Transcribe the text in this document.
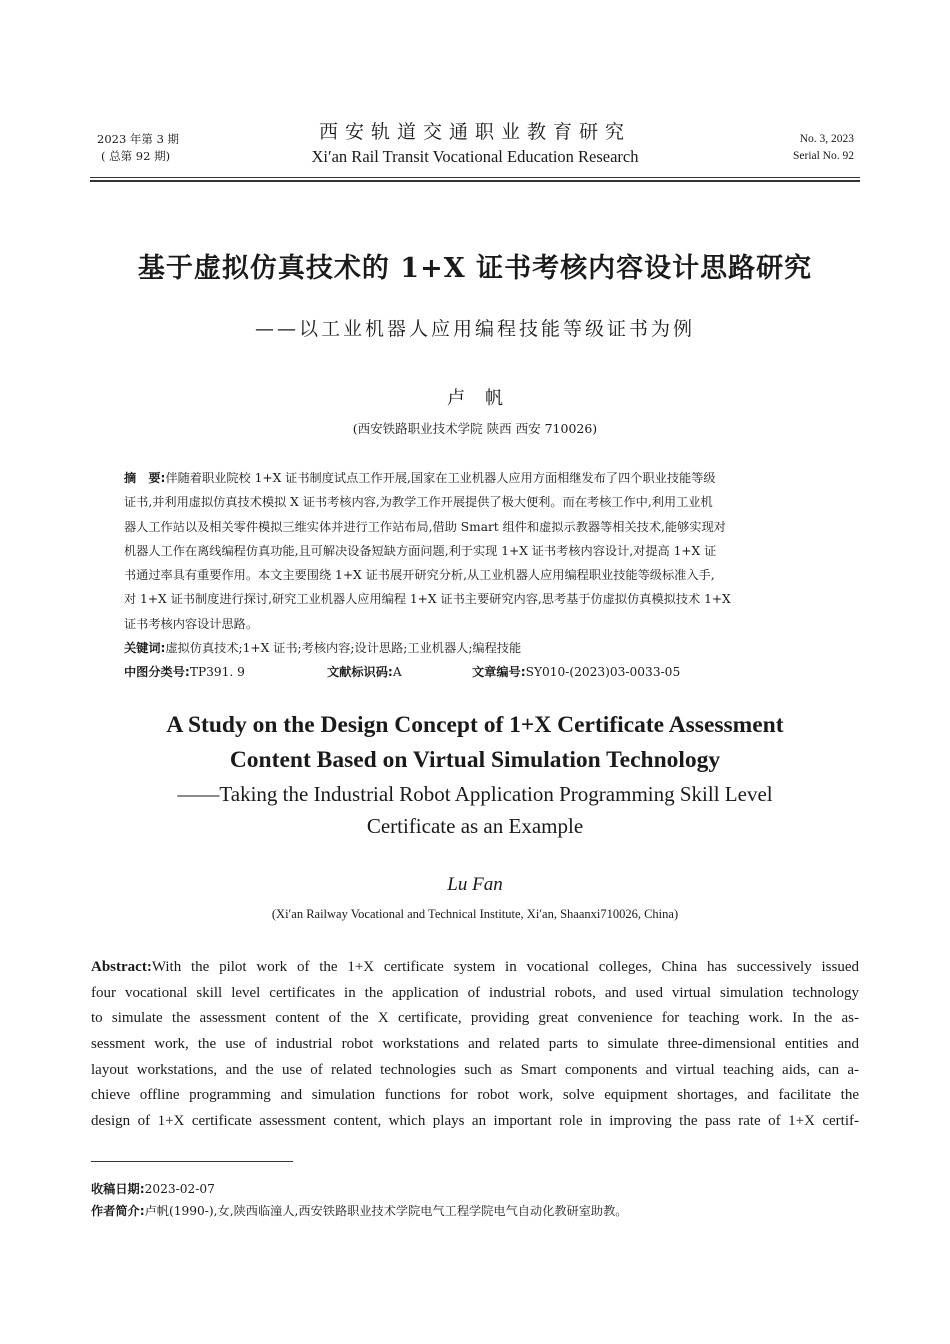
2023 年第 3 期
( 总第 92 期)
西安轨道交通职业教育研究
Xi′an Rail Transit Vocational Education Research
No. 3, 2023
Serial No. 92
基于虚拟仿真技术的 1+X 证书考核内容设计思路研究
——以工业机器人应用编程技能等级证书为例
卢帆
(西安铁路职业技术学院 陕西 西安 710026)
摘　要:伴随着职业院校 1+X 证书制度试点工作开展,国家在工业机器人应用方面相继发布了四个职业技能等级
证书,并利用虚拟仿真技术模拟 X 证书考核内容,为教学工作开展提供了极大便利。而在考核工作中,利用工业机
器人工作站以及相关零件模拟三维实体并进行工作站布局,借助 Smart 组件和虚拟示教器等相关技术,能够实现对
机器人工作在离线编程仿真功能,且可解决设备短缺方面问题,利于实现 1+X 证书考核内容设计,对提高 1+X 证
书通过率具有重要作用。本文主要围绕 1+X 证书展开研究分析,从工业机器人应用编程职业技能等级标准入手,
对 1+X 证书制度进行探讨,研究工业机器人应用编程 1+X 证书主要研究内容,思考基于仿虚拟仿真模拟技术 1+X
证书考核内容设计思路。
关键词:虚拟仿真技术;1+X 证书;考核内容;设计思路;工业机器人;编程技能
中图分类号:TP391. 9	文献标识码:A	文章编号:SY010-(2023)03-0033-05
A Study on the Design Concept of 1+X Certificate Assessment
Content Based on Virtual Simulation Technology
——Taking the Industrial Robot Application Programming Skill Level
Certificate as an Example
Lu Fan
(Xi′an Railway Vocational and Technical Institute, Xi′an, Shaanxi710026, China)
Abstract:With the pilot work of the 1+X certificate system in vocational colleges, China has successively issued
four vocational skill level certificates in the application of industrial robots, and used virtual simulation technology
to simulate the assessment content of the X certificate, providing great convenience for teaching work. In the as-
sessment work, the use of industrial robot workstations and related parts to simulate three-dimensional entities and
layout workstations, and the use of related technologies such as Smart components and virtual teaching aids, can a-
chieve offline programming and simulation functions for robot work, solve equipment shortages, and facilitate the
design of 1+X certificate assessment content, which plays an important role in improving the pass rate of 1+X certif-
收稿日期:2023-02-07
作者简介:卢帆(1990-),女,陕西临潼人,西安铁路职业技术学院电气工程学院电气自动化教研室助教。
